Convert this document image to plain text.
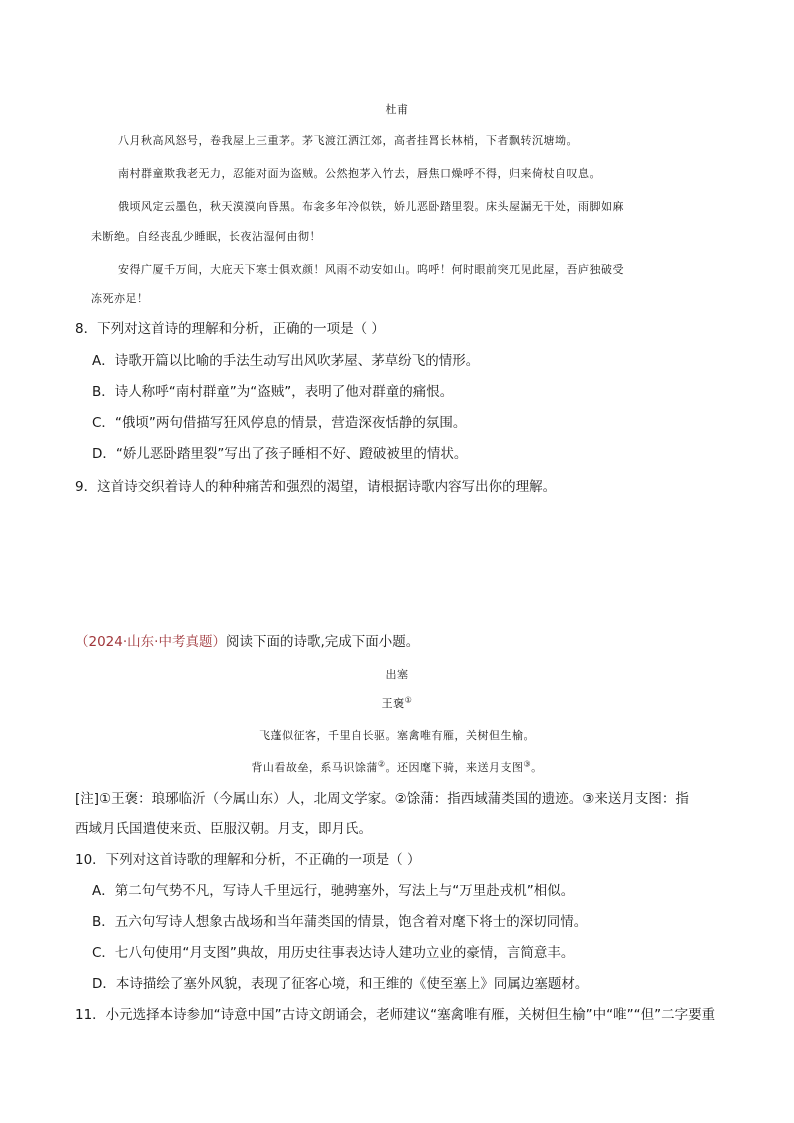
杜甫
八月秋高风怒号，卷我屋上三重茅。茅飞渡江洒江郊，高者挂罥长林梢，下者飘转沉塘坳。
南村群童欺我老无力，忍能对面为盗贼。公然抱茅入竹去，唇焦口燥呼不得，归来倚杖自叹息。
俄顷风定云墨色，秋天漠漠向昏黑。布衾多年冷似铁，娇儿恶卧踏里裂。床头屋漏无干处，雨脚如麻
未断绝。自经丧乱少睡眠，长夜沾湿何由彻！
安得广厦千万间，大庇天下寒士俱欢颜！风雨不动安如山。呜呼！何时眼前突兀见此屋，吾庐独破受
冻死亦足！
8．下列对这首诗的理解和分析，正确的一项是（ ）
A．诗歌开篇以比喻的手法生动写出风吹茅屋、茅草纷飞的情形。
B．诗人称呼“南村群童”为“盗贼”，表明了他对群童的痛恨。
C．“俄顷”两句借描写狂风停息的情景，营造深夜恬静的氛围。
D．“娇儿恶卧踏里裂”写出了孩子睡相不好、蹬破被里的情状。
9．这首诗交织着诗人的种种痛苦和强烈的渴望，请根据诗歌内容写出你的理解。
（2024·山东·中考真题）阅读下面的诗歌,完成下面小题。
出塞
王褒①
飞蓬似征客，千里自长驱。塞禽唯有雁，关树但生榆。
背山看故垒，系马识馀蒲②。还因麾下骑，来送月支图③。
[注]①王褒：琅琊临沂（今属山东）人，北周文学家。②馀蒲：指西域蒲类国的遗迹。③来送月支图：指
西域月氏国遣使来贡、臣服汉朝。月支，即月氏。
10．下列对这首诗歌的理解和分析，不正确的一项是（ ）
A．第二句气势不凡，写诗人千里远行，驰骋塞外，写法上与“万里赴戎机”相似。
B．五六句写诗人想象古战场和当年蒲类国的情景，饱含着对麾下将士的深切同情。
C．七八句使用“月支图”典故，用历史往事表达诗人建功立业的豪情，言简意丰。
D．本诗描绘了塞外风貌，表现了征客心境，和王维的《使至塞上》同属边塞题材。
11．小元选择本诗参加“诗意中国”古诗文朗诵会，老师建议“塞禽唯有雁，关树但生榆”中“唯”“但”二字要重
